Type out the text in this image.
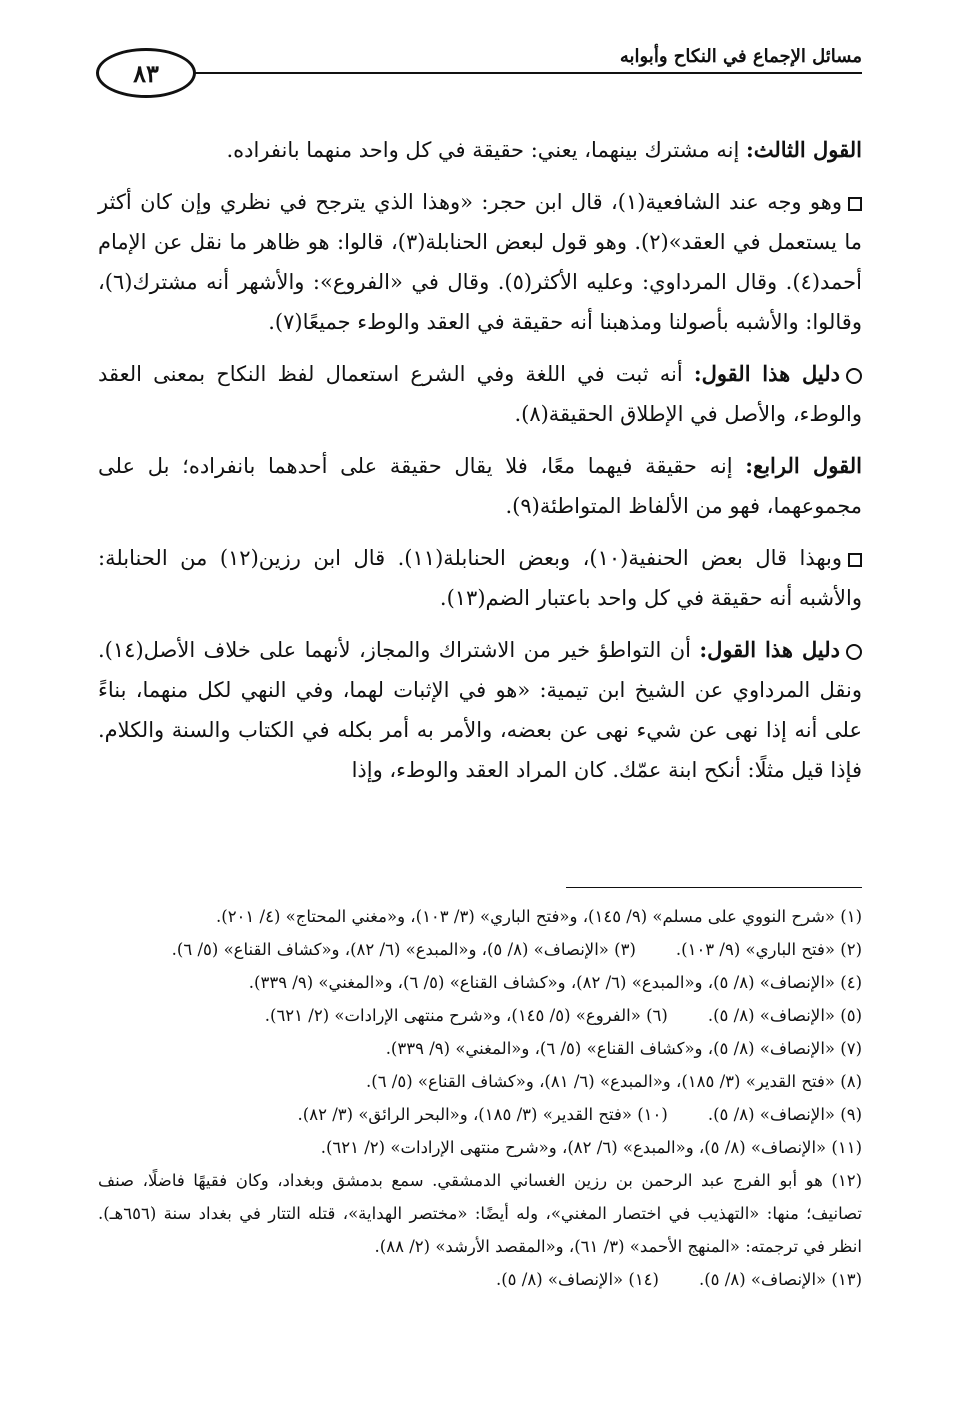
٨٣
مسائل الإجماع في النكاح وأبوابه

القول الثالث: إنه مشترك بينهما، يعني: حقيقة في كل واحد منهما بانفراده.

وهو وجه عند الشافعية(١)، قال ابن حجر: «وهذا الذي يترجح في نظري وإن كان أكثر ما يستعمل في العقد»(٢). وهو قول لبعض الحنابلة(٣)، قالوا: هو ظاهر ما نقل عن الإمام أحمد(٤). وقال المرداوي: وعليه الأكثر(٥). وقال في «الفروع»: والأشهر أنه مشترك(٦)، وقالوا: والأشبه بأصولنا ومذهبنا أنه حقيقة في العقد والوطء جميعًا(٧).

دليل هذا القول: أنه ثبت في اللغة وفي الشرع استعمال لفظ النكاح بمعنى العقد والوطء، والأصل في الإطلاق الحقيقة(٨).

القول الرابع: إنه حقيقة فيهما معًا، فلا يقال حقيقة على أحدهما بانفراده؛ بل على مجموعهما، فهو من الألفاظ المتواطئة(٩).

وبهذا قال بعض الحنفية(١٠)، وبعض الحنابلة(١١). قال ابن رزين(١٢) من الحنابلة: والأشبه أنه حقيقة في كل واحد باعتبار الضم(١٣).

دليل هذا القول: أن التواطؤ خير من الاشتراك والمجاز، لأنهما على خلاف الأصل(١٤). ونقل المرداوي عن الشيخ ابن تيمية: «هو في الإثبات لهما، وفي النهي لكل منهما، بناءً على أنه إذا نهى عن شيء نهى عن بعضه، والأمر به أمر بكله في الكتاب والسنة والكلام. فإذا قيل مثلًا: أنكح ابنة عمّك. كان المراد العقد والوطء، وإذا

(١) «شرح النووي على مسلم» (٩/ ١٤٥)، و«فتح الباري» (٣/ ١٠٣)، و«مغني المحتاج» (٤/ ٢٠١).
(٢) «فتح الباري» (٩/ ١٠٣).
(٣) «الإنصاف» (٨/ ٥)، و«المبدع» (٦/ ٨٢)، و«كشاف القناع» (٥/ ٦).
(٤) «الإنصاف» (٨/ ٥)، و«المبدع» (٦/ ٨٢)، و«كشاف القناع» (٥/ ٦)، و«المغني» (٩/ ٣٣٩).
(٥) «الإنصاف» (٨/ ٥).
(٦) «الفروع» (٥/ ١٤٥)، و«شرح منتهى الإرادات» (٢/ ٦٢١).
(٧) «الإنصاف» (٨/ ٥)، و«كشاف القناع» (٥/ ٦)، و«المغني» (٩/ ٣٣٩).
(٨) «فتح القدير» (٣/ ١٨٥)، و«المبدع» (٦/ ٨١)، و«كشاف القناع» (٥/ ٦).
(٩) «الإنصاف» (٨/ ٥).
(١٠) «فتح القدير» (٣/ ١٨٥)، و«البحر الرائق» (٣/ ٨٢).
(١١) «الإنصاف» (٨/ ٥)، و«المبدع» (٦/ ٨٢)، و«شرح منتهى الإرادات» (٢/ ٦٢١).
(١٢) هو أبو الفرج عبد الرحمن بن رزين الغساني الدمشقي. سمع بدمشق وبغداد، وكان فقيهًا فاضلًا، صنف تصانيف؛ منها: «التهذيب في اختصار المغني»، وله أيضًا: «مختصر الهداية»، قتله التتار في بغداد سنة (٦٥٦هـ). انظر في ترجمته: «المنهج الأحمد» (٣/ ٦١)، و«المقصد الأرشد» (٢/ ٨٨).
(١٣) «الإنصاف» (٨/ ٥).
(١٤) «الإنصاف» (٨/ ٥).
